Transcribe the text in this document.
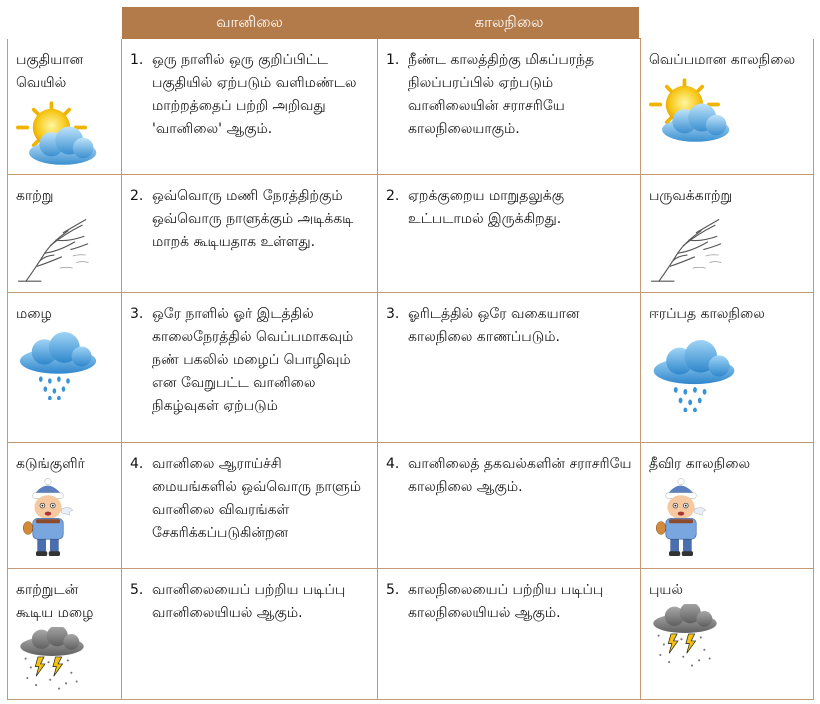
	வானிலை	காலநிலை	

பகுதியான வெயில்	1. ஒரு நாளில் ஒரு குறிப்பிட்ட பகுதியில் ஏற்படும் வளிமண்டல மாற்றத்தைப் பற்றி அறிவது 'வானிலை' ஆகும்.	1. நீண்ட காலத்திற்கு மிகப்பரந்த நிலப்பரப்பில் ஏற்படும் வானிலையின் சராசரியே காலநிலையாகும்.	வெப்பமான காலநிலை

காற்று	2. ஒவ்வொரு மணி நேரத்திற்கும் ஒவ்வொரு நாளுக்கும் அடிக்கடி மாறக் கூடியதாக உள்ளது.	2. ஏறக்குறைய மாறுதலுக்கு உட்படாமல் இருக்கிறது.	பருவக்காற்று

மழை	3. ஒரே நாளில் ஓர் இடத்தில் காலைநேரத்தில் வெப்பமாகவும் நண் பகலில் மழைப் பொழிவும் என வேறுபட்ட வானிலை நிகழ்வுகள் ஏற்படும்	3. ஓரிடத்தில் ஒரே வகையான காலநிலை காணப்படும்.	ஈரப்பத காலநிலை

கடுங்குளிர்	4. வானிலை ஆராய்ச்சி மையங்களில் ஒவ்வொரு நாளும் வானிலை விவரங்கள் சேகரிக்கப்படுகின்றன	4. வானிலைத் தகவல்களின் சராசரியே காலநிலை ஆகும்.	தீவிர காலநிலை

காற்றுடன் கூடிய மழை	5. வானிலையைப் பற்றிய படிப்பு வானிலையியல் ஆகும்.	5. காலநிலையைப் பற்றிய படிப்பு காலநிலையியல் ஆகும்.	புயல்
